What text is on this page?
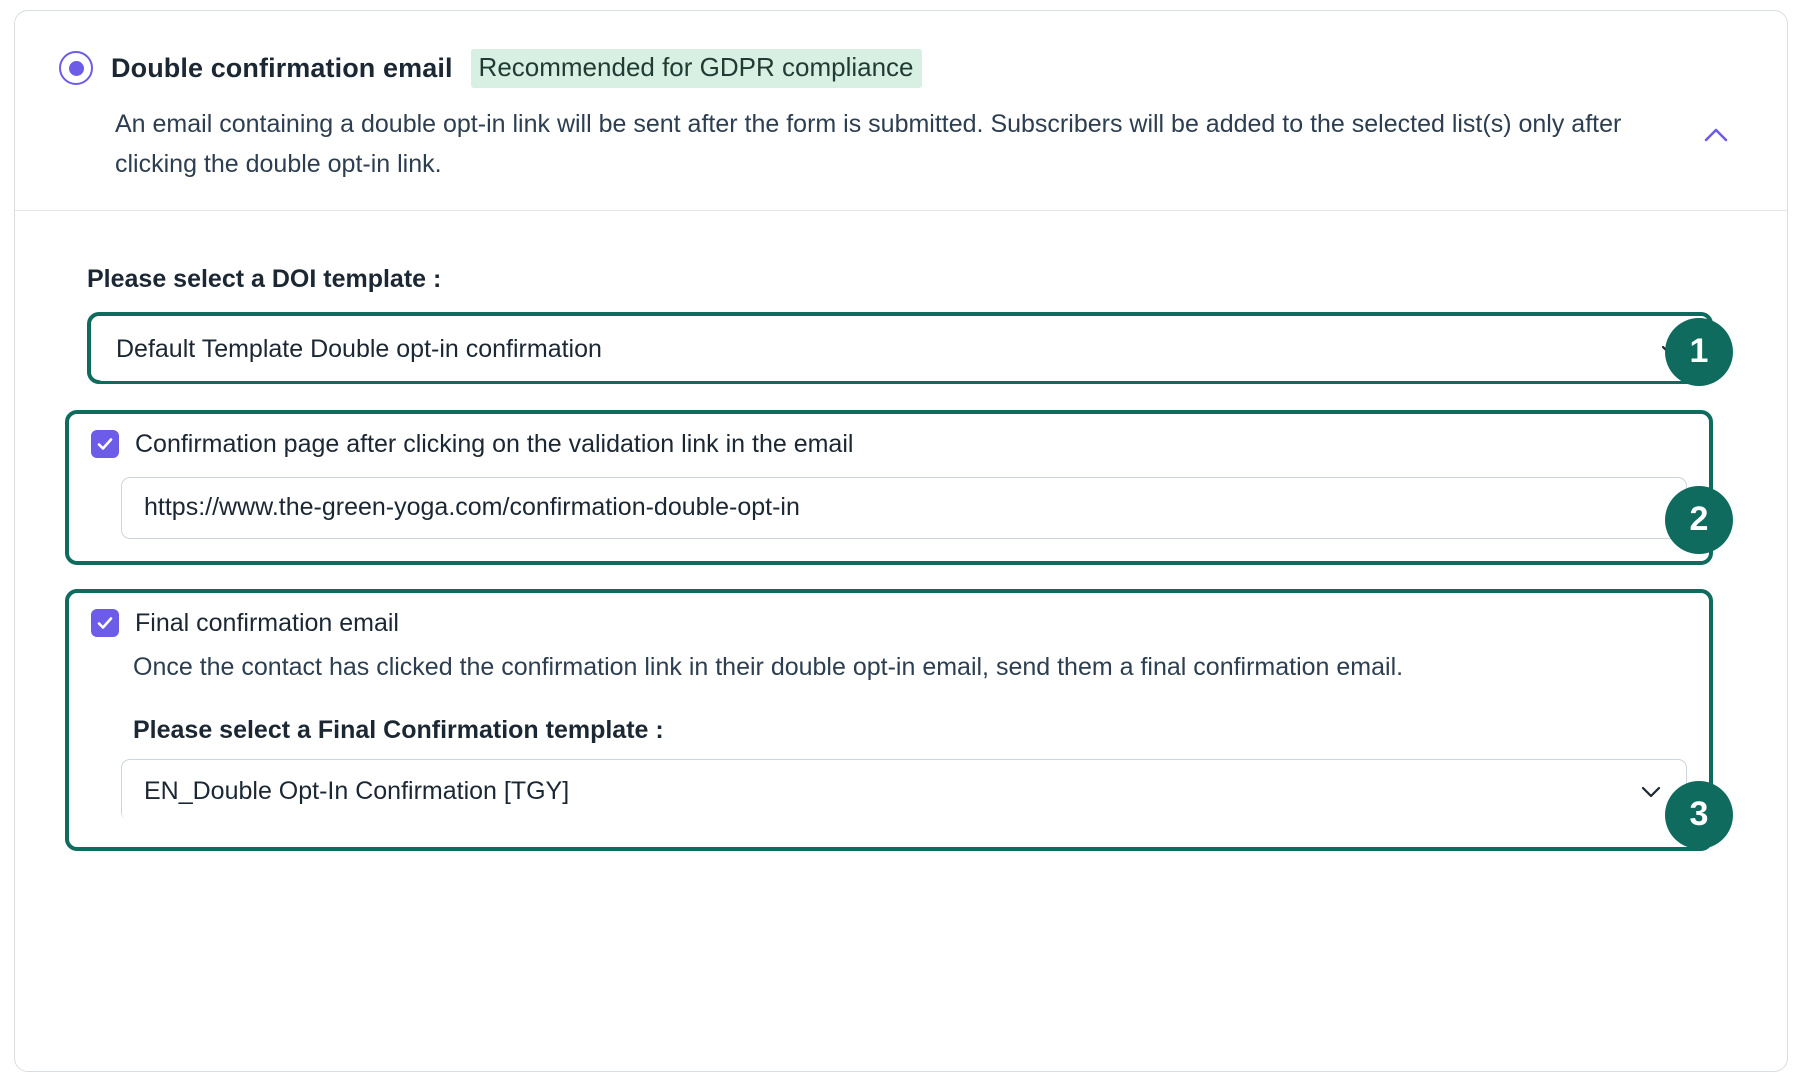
Double confirmation email	Recommended for GDPR compliance
An email containing a double opt-in link will be sent after the form is submitted. Subscribers will be added to the selected list(s) only after clicking the double opt-in link.
Please select a DOI template :
Default Template Double opt-in confirmation	1
Confirmation page after clicking on the validation link in the email
https://www.the-green-yoga.com/confirmation-double-opt-in	2
Final confirmation email
Once the contact has clicked the confirmation link in their double opt-in email, send them a final confirmation email.
Please select a Final Confirmation template :
EN_Double Opt-In Confirmation [TGY]
3
